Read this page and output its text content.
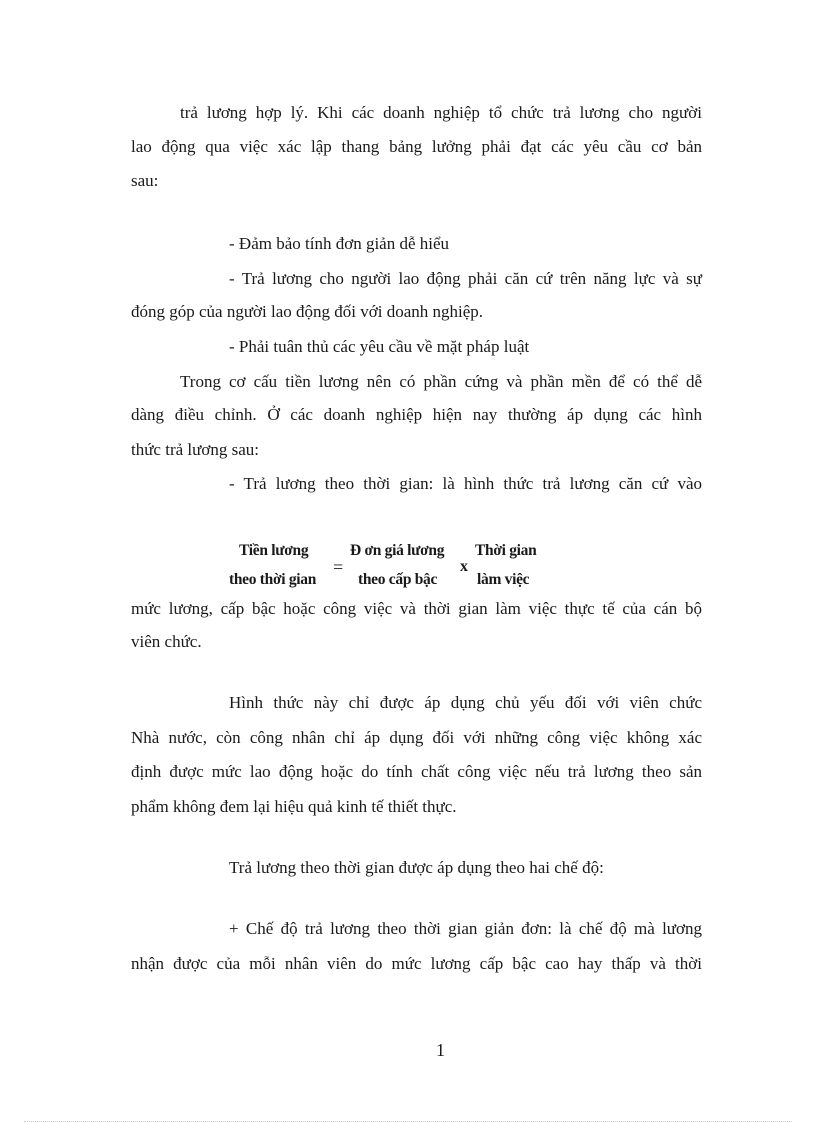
trả lương hợp lý. Khi các doanh nghiệp tổ chức trả lương cho người

lao động qua việc xác lập thang bảng lưởng phải đạt các yêu cầu cơ bản

sau:

- Đảm bảo tính đơn giản dễ hiểu

- Trả lương cho người lao động phải căn cứ trên năng lực và sự

đóng góp của người lao động đối với doanh nghiệp.

- Phải tuân thủ các yêu cầu về mặt pháp luật

Trong cơ cấu tiền lương nên có phần cứng và phần mền để có thể dễ

dàng điều chỉnh. Ở các doanh nghiệp hiện nay thường áp dụng các hình

thức trả lương sau:

- Trả lương theo thời gian: là hình thức trả lương căn cứ vào

Tiền lương

theo thời gian

=

Đ ơn giá lương

theo cấp bậc

x

Thời gian

làm việc

mức lương, cấp bậc hoặc công việc và thời gian làm việc thực tế của cán bộ

viên chức.

Hình thức này chỉ được áp dụng chủ yếu đối với viên chức

Nhà nước, còn công nhân chỉ áp dụng đối với những công việc không xác

định được mức lao động hoặc do tính chất công việc nếu trả lương theo sản

phẩm không đem lại hiệu quả kinh tế thiết thực.

Trả lương theo thời gian được áp dụng theo hai chế độ:

+ Chế độ trả lương theo thời gian giản đơn: là chế độ mà lương

nhận được của mỗi nhân viên do mức lương cấp bậc cao hay thấp và thời

1
